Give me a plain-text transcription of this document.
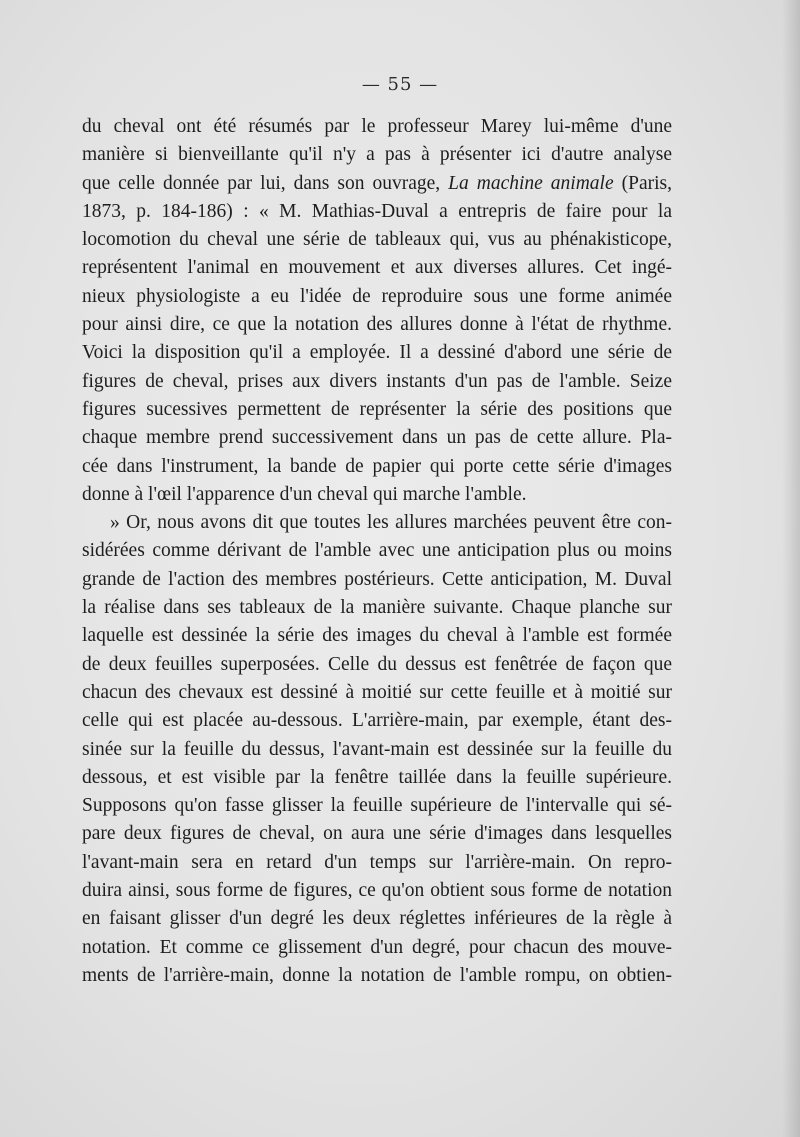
— 55 —
du cheval ont été résumés par le professeur Marey lui-même d'une
manière si bienveillante qu'il n'y a pas à présenter ici d'autre analyse
que celle donnée par lui, dans son ouvrage, La machine animale (Paris,
1873, p. 184-186) : « M. Mathias-Duval a entrepris de faire pour la
locomotion du cheval une série de tableaux qui, vus au phénakisticope,
représentent l'animal en mouvement et aux diverses allures. Cet ingé-
nieux physiologiste a eu l'idée de reproduire sous une forme animée
pour ainsi dire, ce que la notation des allures donne à l'état de rhythme.
Voici la disposition qu'il a employée. Il a dessiné d'abord une série de
figures de cheval, prises aux divers instants d'un pas de l'amble. Seize
figures sucessives permettent de représenter la série des positions que
chaque membre prend successivement dans un pas de cette allure. Pla-
cée dans l'instrument, la bande de papier qui porte cette série d'images
donne à l'œil l'apparence d'un cheval qui marche l'amble.
» Or, nous avons dit que toutes les allures marchées peuvent être con-
sidérées comme dérivant de l'amble avec une anticipation plus ou moins
grande de l'action des membres postérieurs. Cette anticipation, M. Duval
la réalise dans ses tableaux de la manière suivante. Chaque planche sur
laquelle est dessinée la série des images du cheval à l'amble est formée
de deux feuilles superposées. Celle du dessus est fenêtrée de façon que
chacun des chevaux est dessiné à moitié sur cette feuille et à moitié sur
celle qui est placée au-dessous. L'arrière-main, par exemple, étant des-
sinée sur la feuille du dessus, l'avant-main est dessinée sur la feuille du
dessous, et est visible par la fenêtre taillée dans la feuille supérieure.
Supposons qu'on fasse glisser la feuille supérieure de l'intervalle qui sé-
pare deux figures de cheval, on aura une série d'images dans lesquelles
l'avant-main sera en retard d'un temps sur l'arrière-main. On repro-
duira ainsi, sous forme de figures, ce qu'on obtient sous forme de notation
en faisant glisser d'un degré les deux réglettes inférieures de la règle à
notation. Et comme ce glissement d'un degré, pour chacun des mouve-
ments de l'arrière-main, donne la notation de l'amble rompu, on obtien-
